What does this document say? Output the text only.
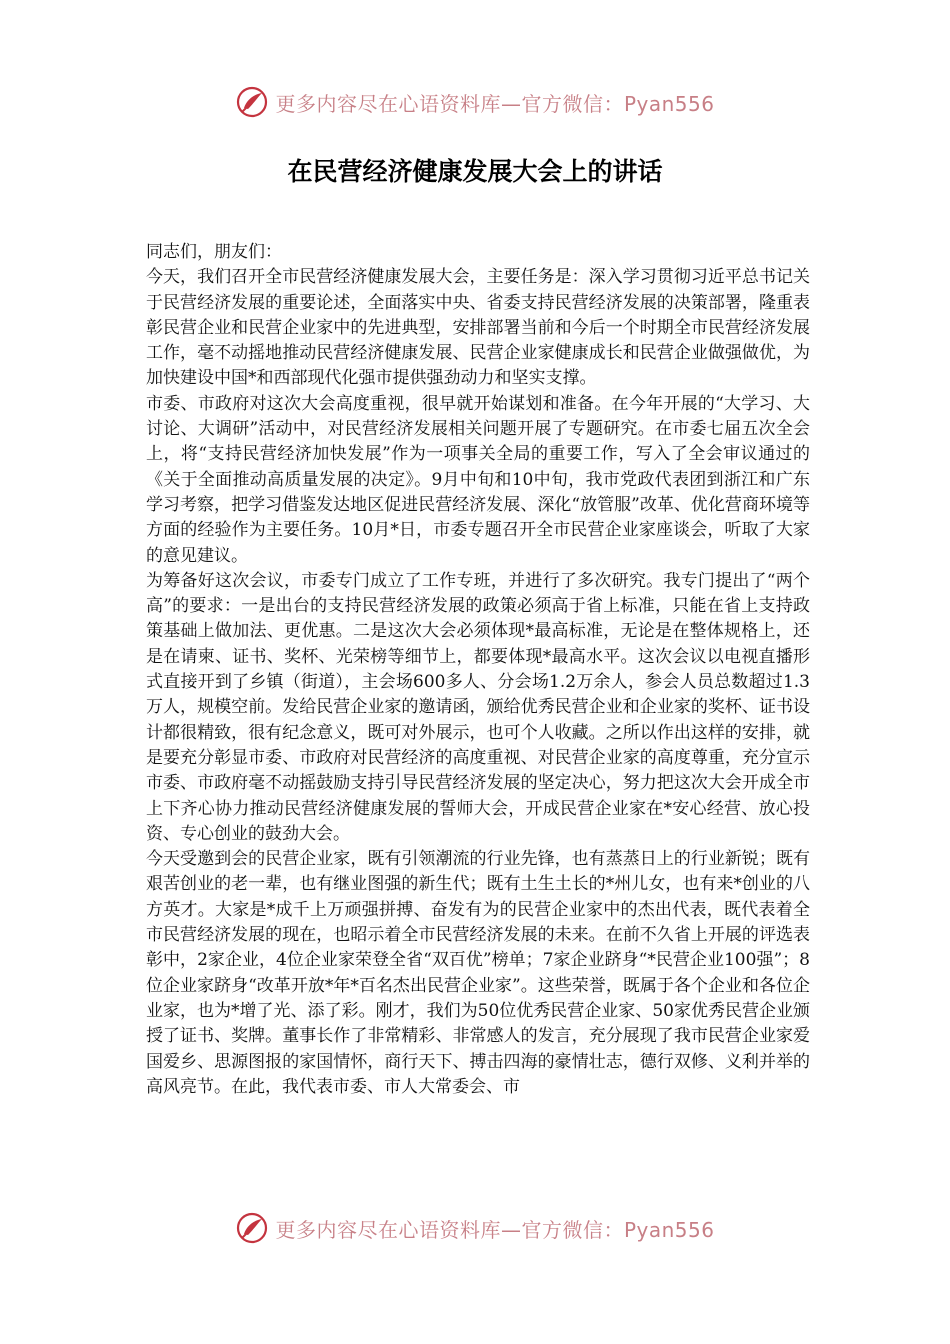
更多内容尽在心语资料库—官方微信：Pyan556
在民营经济健康发展大会上的讲话

同志们，朋友们：

今天，我们召开全市民营经济健康发展大会，主要任务是：深入学习贯彻习近平总书记关于民营经济发展的重要论述，全面落实中央、省委支持民营经济发展的决策部署，隆重表彰民营企业和民营企业家中的先进典型，安排部署当前和今后一个时期全市民营经济发展工作，毫不动摇地推动民营经济健康发展、民营企业家健康成长和民营企业做强做优，为加快建设中国*和西部现代化强市提供强劲动力和坚实支撑。

市委、市政府对这次大会高度重视，很早就开始谋划和准备。在今年开展的“大学习、大讨论、大调研”活动中，对民营经济发展相关问题开展了专题研究。在市委七届五次全会上，将“支持民营经济加快发展”作为一项事关全局的重要工作，写入了全会审议通过的《关于全面推动高质量发展的决定》。9月中旬和10中旬，我市党政代表团到浙江和广东学习考察，把学习借鉴发达地区促进民营经济发展、深化“放管服”改革、优化营商环境等方面的经验作为主要任务。10月*日，市委专题召开全市民营企业家座谈会，听取了大家的意见建议。

为筹备好这次会议，市委专门成立了工作专班，并进行了多次研究。我专门提出了“两个高”的要求：一是出台的支持民营经济发展的政策必须高于省上标准，只能在省上支持政策基础上做加法、更优惠。二是这次大会必须体现*最高标准，无论是在整体规格上，还是在请柬、证书、奖杯、光荣榜等细节上，都要体现*最高水平。这次会议以电视直播形式直接开到了乡镇（街道），主会场600多人、分会场1.2万余人，参会人员总数超过1.3万人，规模空前。发给民营企业家的邀请函，颁给优秀民营企业和企业家的奖杯、证书设计都很精致，很有纪念意义，既可对外展示，也可个人收藏。之所以作出这样的安排，就是要充分彰显市委、市政府对民营经济的高度重视、对民营企业家的高度尊重，充分宣示市委、市政府毫不动摇鼓励支持引导民营经济发展的坚定决心，努力把这次大会开成全市上下齐心协力推动民营经济健康发展的誓师大会，开成民营企业家在*安心经营、放心投资、专心创业的鼓劲大会。

今天受邀到会的民营企业家，既有引领潮流的行业先锋，也有蒸蒸日上的行业新锐；既有艰苦创业的老一辈，也有继业图强的新生代；既有土生土长的*州儿女，也有来*创业的八方英才。大家是*成千上万顽强拼搏、奋发有为的民营企业家中的杰出代表，既代表着全市民营经济发展的现在，也昭示着全市民营经济发展的未来。在前不久省上开展的评选表彰中，2家企业，4位企业家荣登全省“双百优”榜单；7家企业跻身“*民营企业100强”；8位企业家跻身“改革开放*年*百名杰出民营企业家”。这些荣誉，既属于各个企业和各位企业家，也为*增了光、添了彩。刚才，我们为50位优秀民营企业家、50家优秀民营企业颁授了证书、奖牌。董事长作了非常精彩、非常感人的发言，充分展现了我市民营企业家爱国爱乡、思源图报的家国情怀，商行天下、搏击四海的豪情壮志，德行双修、义利并举的高风亮节。在此，我代表市委、市人大常委会、市

更多内容尽在心语资料库—官方微信：Pyan556
